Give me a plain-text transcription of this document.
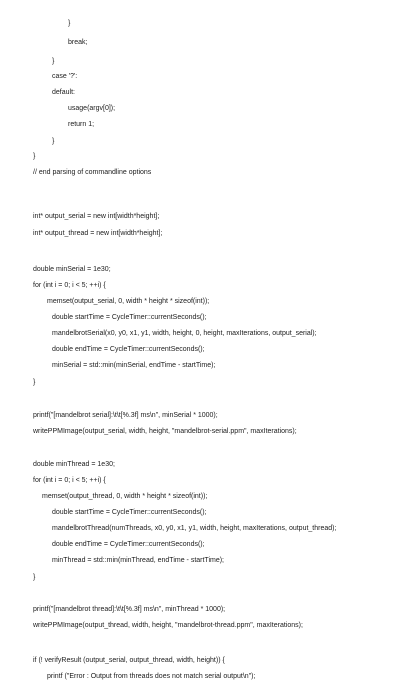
}
break;
}
case '?':
default:
usage(argv[0]);
return 1;
}
}
// end parsing of commandline options
int* output_serial = new int[width*height];
int* output_thread = new int[width*height];
double minSerial = 1e30;
for (int i = 0; i < 5; ++i) {
memset(output_serial, 0, width * height * sizeof(int));
double startTime = CycleTimer::currentSeconds();
mandelbrotSerial(x0, y0, x1, y1, width, height, 0, height, maxIterations, output_serial);
double endTime = CycleTimer::currentSeconds();
minSerial = std::min(minSerial, endTime - startTime);
}
printf("[mandelbrot serial]:\t\t[%.3f] ms\n", minSerial * 1000);
writePPMImage(output_serial, width, height, "mandelbrot-serial.ppm", maxIterations);
double minThread = 1e30;
for (int i = 0; i < 5; ++i) {
memset(output_thread, 0, width * height * sizeof(int));
double startTime = CycleTimer::currentSeconds();
mandelbrotThread(numThreads, x0, y0, x1, y1, width, height, maxIterations, output_thread);
double endTime = CycleTimer::currentSeconds();
minThread = std::min(minThread, endTime - startTime);
}
printf("[mandelbrot thread]:\t\t[%.3f] ms\n", minThread * 1000);
writePPMImage(output_thread, width, height, "mandelbrot-thread.ppm", maxIterations);
if (! verifyResult (output_serial, output_thread, width, height)) {
printf ("Error : Output from threads does not match serial output\n");
